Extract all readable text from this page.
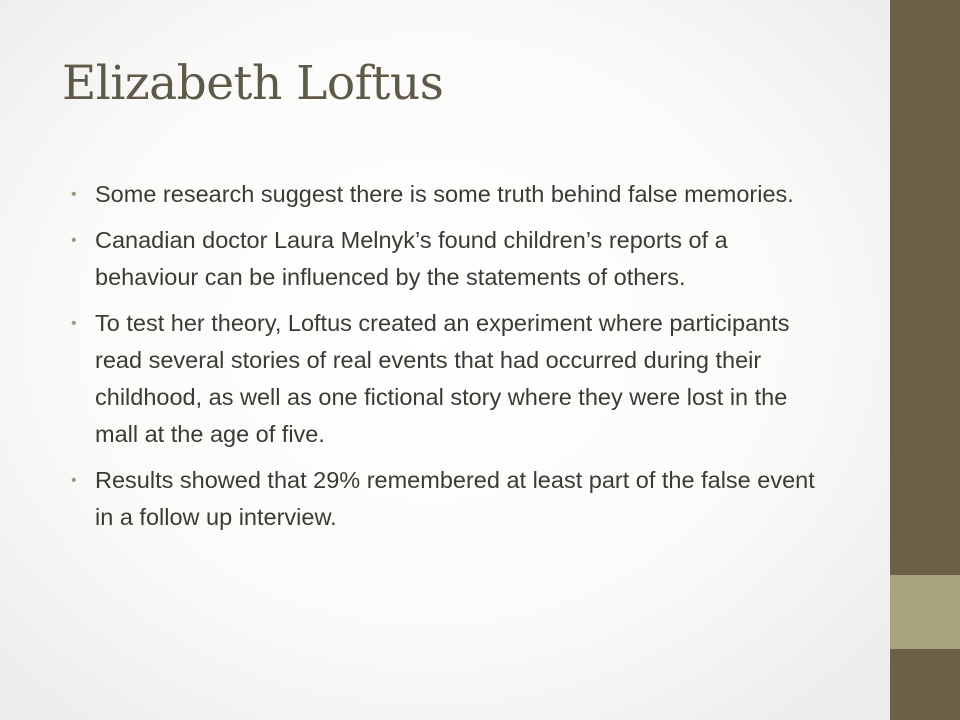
Elizabeth Loftus
• Some research suggest there is some truth behind false memories.
• Canadian doctor Laura Melnyk’s found children’s reports of a behaviour can be influenced by the statements of others.
• To test her theory, Loftus created an experiment where participants read several stories of real events that had occurred during their childhood, as well as one fictional story where they were lost in the mall at the age of five.
• Results showed that 29% remembered at least part of the false event in a follow up interview.
